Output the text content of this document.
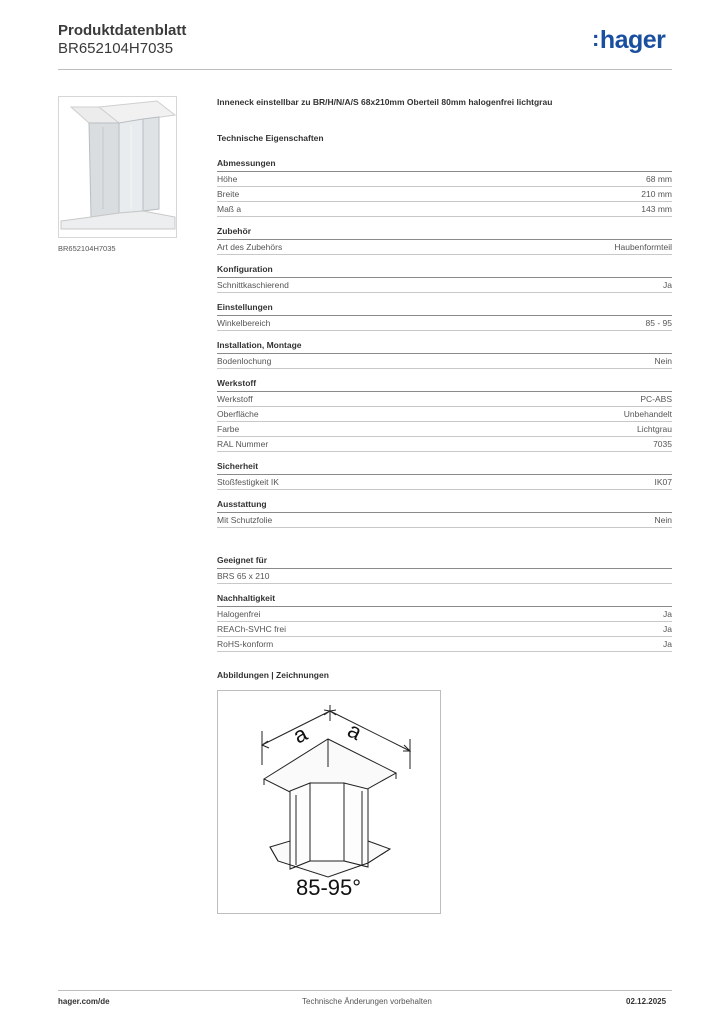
Produktdatenblatt
BR652104H7035	:hager
BR652104H7035
Inneneck einstellbar zu BR/H/N/A/S 68x210mm Oberteil 80mm halogenfrei lichtgrau
Technische Eigenschaften
Abmessungen
Höhe	68 mm
Breite	210 mm
Maß a	143 mm
Zubehör
Art des Zubehörs	Haubenformteil
Konfiguration
Schnittkaschierend	Ja
Einstellungen
Winkelbereich	85 - 95
Installation, Montage
Bodenlochung	Nein
Werkstoff
Werkstoff	PC-ABS
Oberfläche	Unbehandelt
Farbe	Lichtgrau
RAL Nummer	7035
Sicherheit
Stoßfestigkeit IK	IK07
Ausstattung
Mit Schutzfolie	Nein
Geeignet für
BRS 65 x 210
Nachhaltigkeit
Halogenfrei	Ja
REACh-SVHC frei	Ja
RoHS-konform	Ja
Abbildungen | Zeichnungen
a a
85-95°
hager.com/de	Technische Änderungen vorbehalten	02.12.2025
